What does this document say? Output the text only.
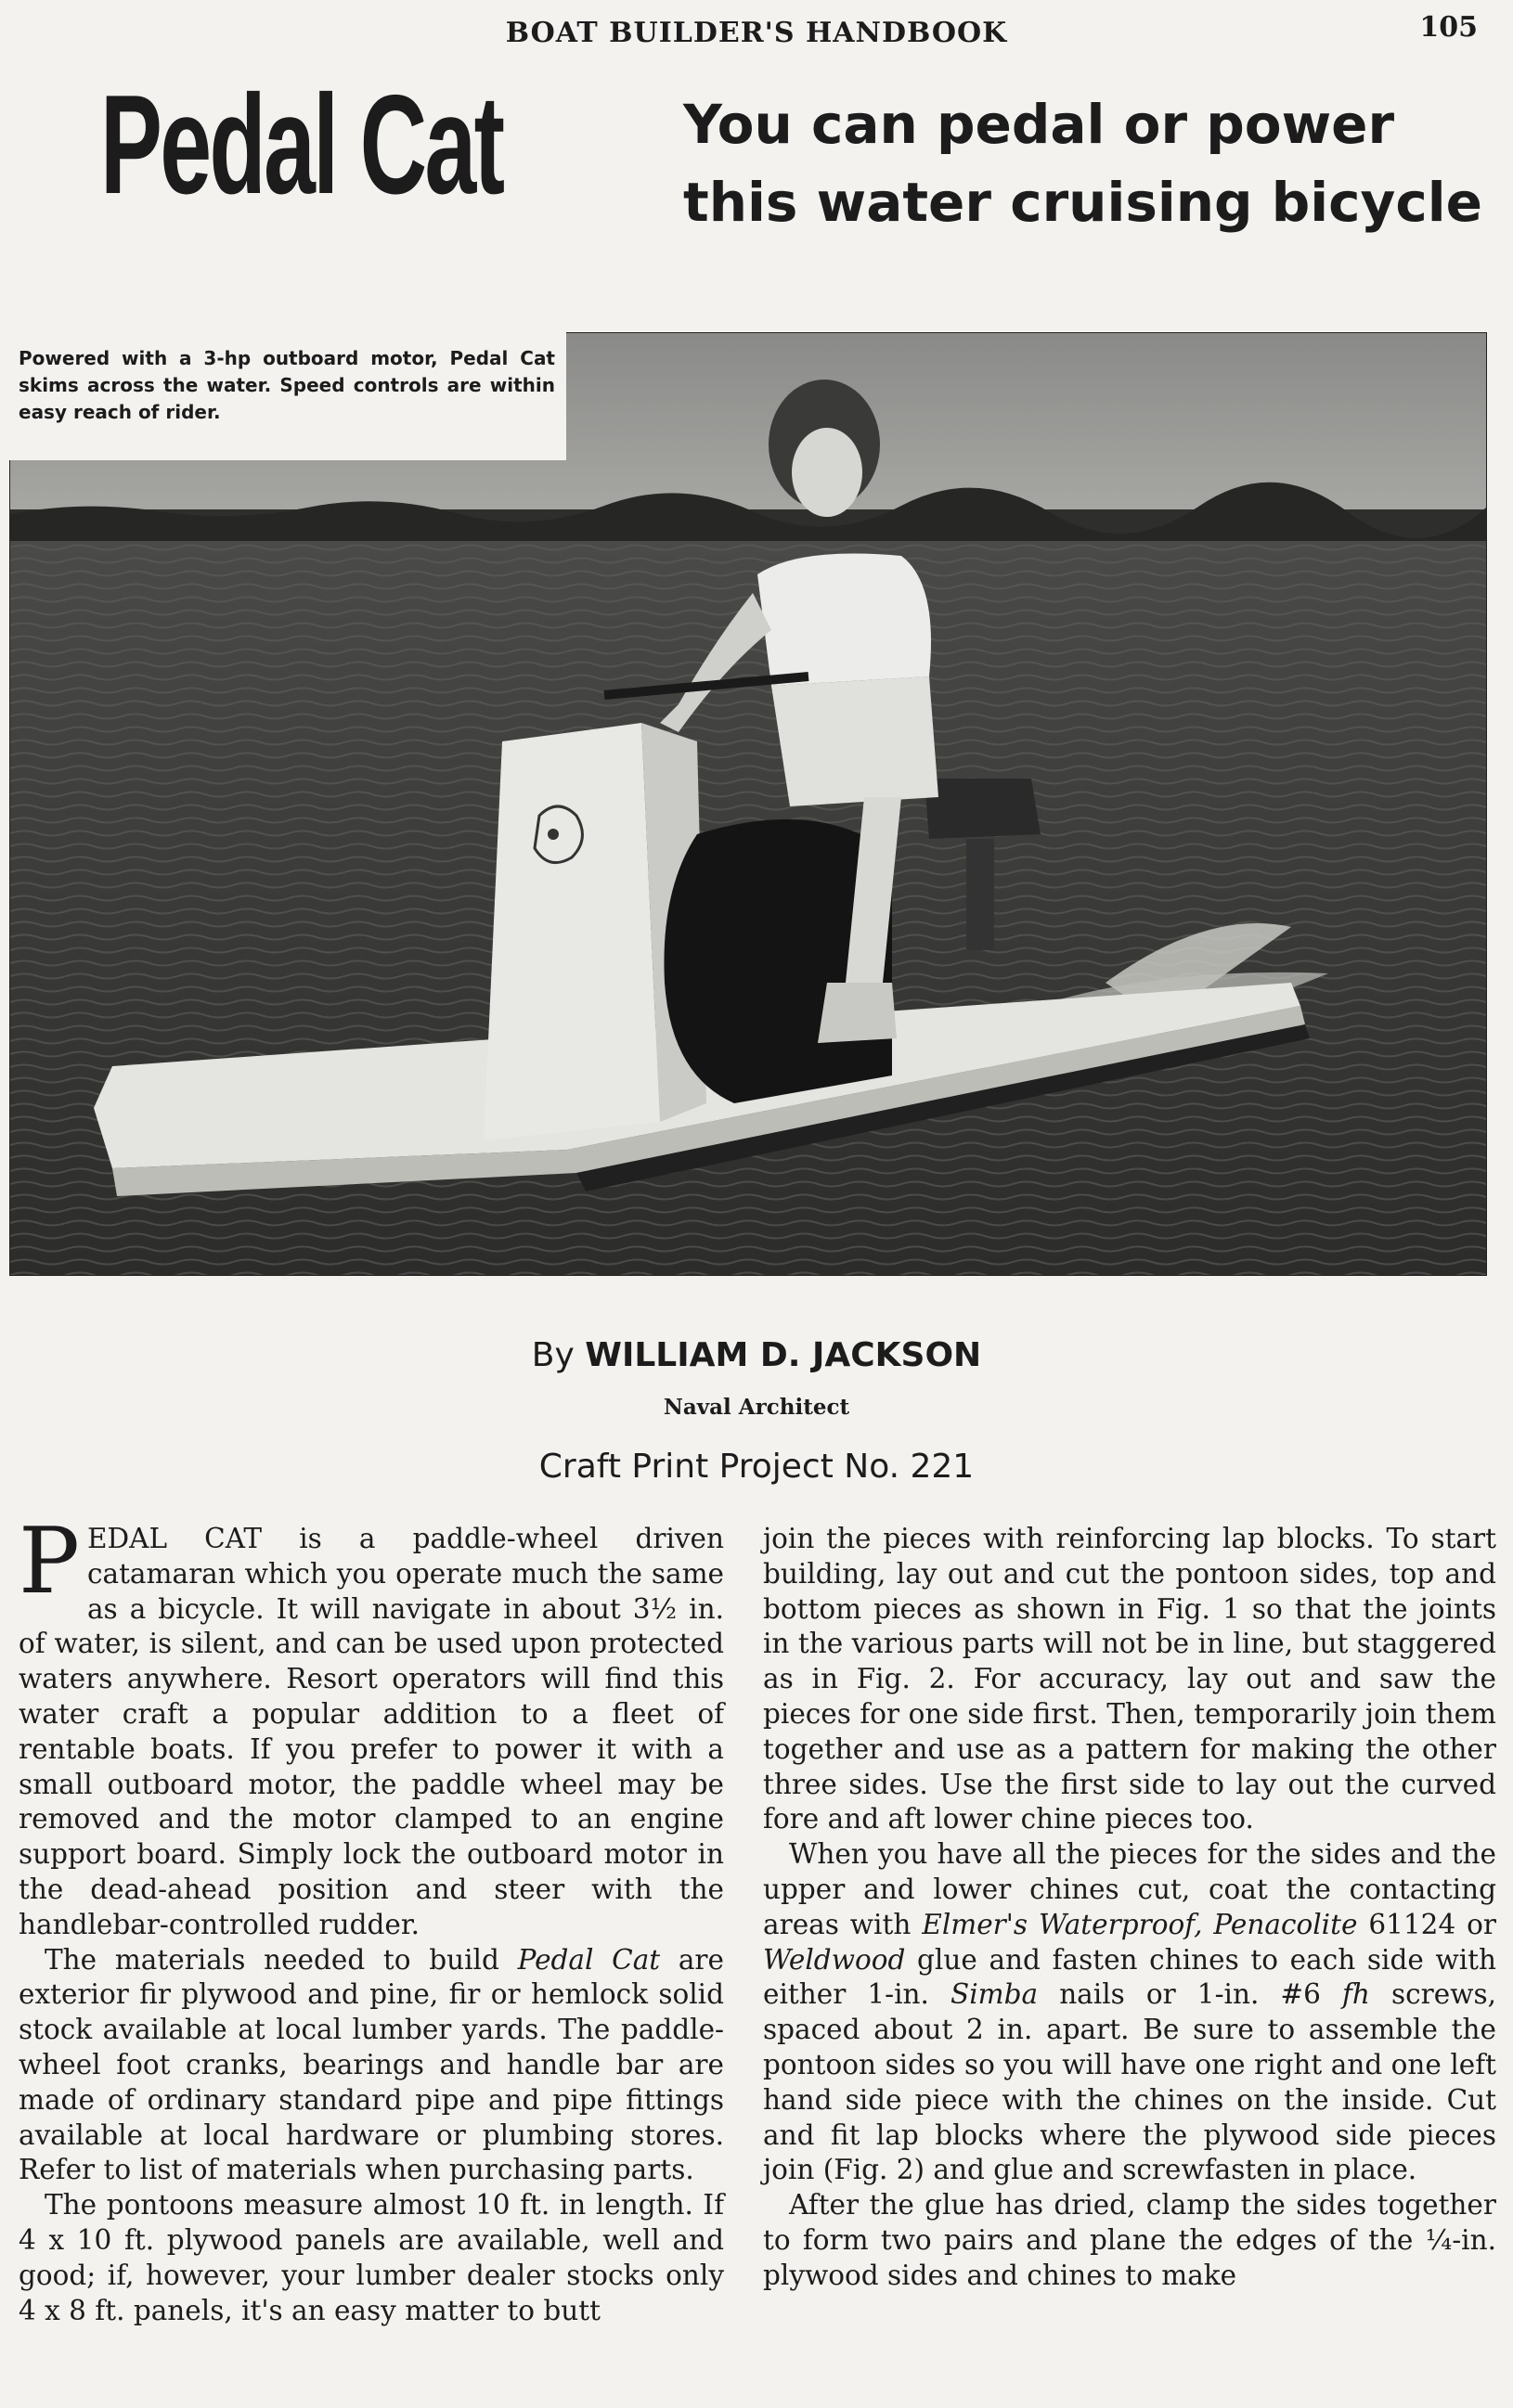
BOAT BUILDER'S HANDBOOK	105
Pedal Cat	You can pedal or power
this water cruising bicycle
Powered with a 3-hp outboard motor, Pedal Cat skims across the water. Speed controls are within easy reach of rider.
By WILLIAM D. JACKSON
Naval Architect
Craft Print Project No. 221

PEDAL CAT is a paddle-wheel driven catamaran which you operate much the same as a bicycle. It will navigate in about 3½ in. of water, is silent, and can be used upon protected waters anywhere. Resort operators will find this water craft a popular addition to a fleet of rentable boats. If you prefer to power it with a small outboard motor, the paddle wheel may be removed and the motor clamped to an engine support board. Simply lock the outboard motor in the dead-ahead position and steer with the handlebar-controlled rudder.

The materials needed to build Pedal Cat are exterior fir plywood and pine, fir or hemlock solid stock available at local lumber yards. The paddle-wheel foot cranks, bearings and handle bar are made of ordinary standard pipe and pipe fittings available at local hardware or plumbing stores. Refer to list of materials when purchasing parts.

The pontoons measure almost 10 ft. in length. If 4 x 10 ft. plywood panels are available, well and good; if, however, your lumber dealer stocks only 4 x 8 ft. panels, it's an easy matter to butt

join the pieces with reinforcing lap blocks. To start building, lay out and cut the pontoon sides, top and bottom pieces as shown in Fig. 1 so that the joints in the various parts will not be in line, but staggered as in Fig. 2. For accuracy, lay out and saw the pieces for one side first. Then, temporarily join them together and use as a pattern for making the other three sides. Use the first side to lay out the curved fore and aft lower chine pieces too.

When you have all the pieces for the sides and the upper and lower chines cut, coat the contacting areas with Elmer's Waterproof, Penacolite 61124 or Weldwood glue and fasten chines to each side with either 1-in. Simba nails or 1-in. #6 fh screws, spaced about 2 in. apart. Be sure to assemble the pontoon sides so you will have one right and one left hand side piece with the chines on the inside. Cut and fit lap blocks where the plywood side pieces join (Fig. 2) and glue and screwfasten in place.

After the glue has dried, clamp the sides together to form two pairs and plane the edges of the ¼-in. plywood sides and chines to make
